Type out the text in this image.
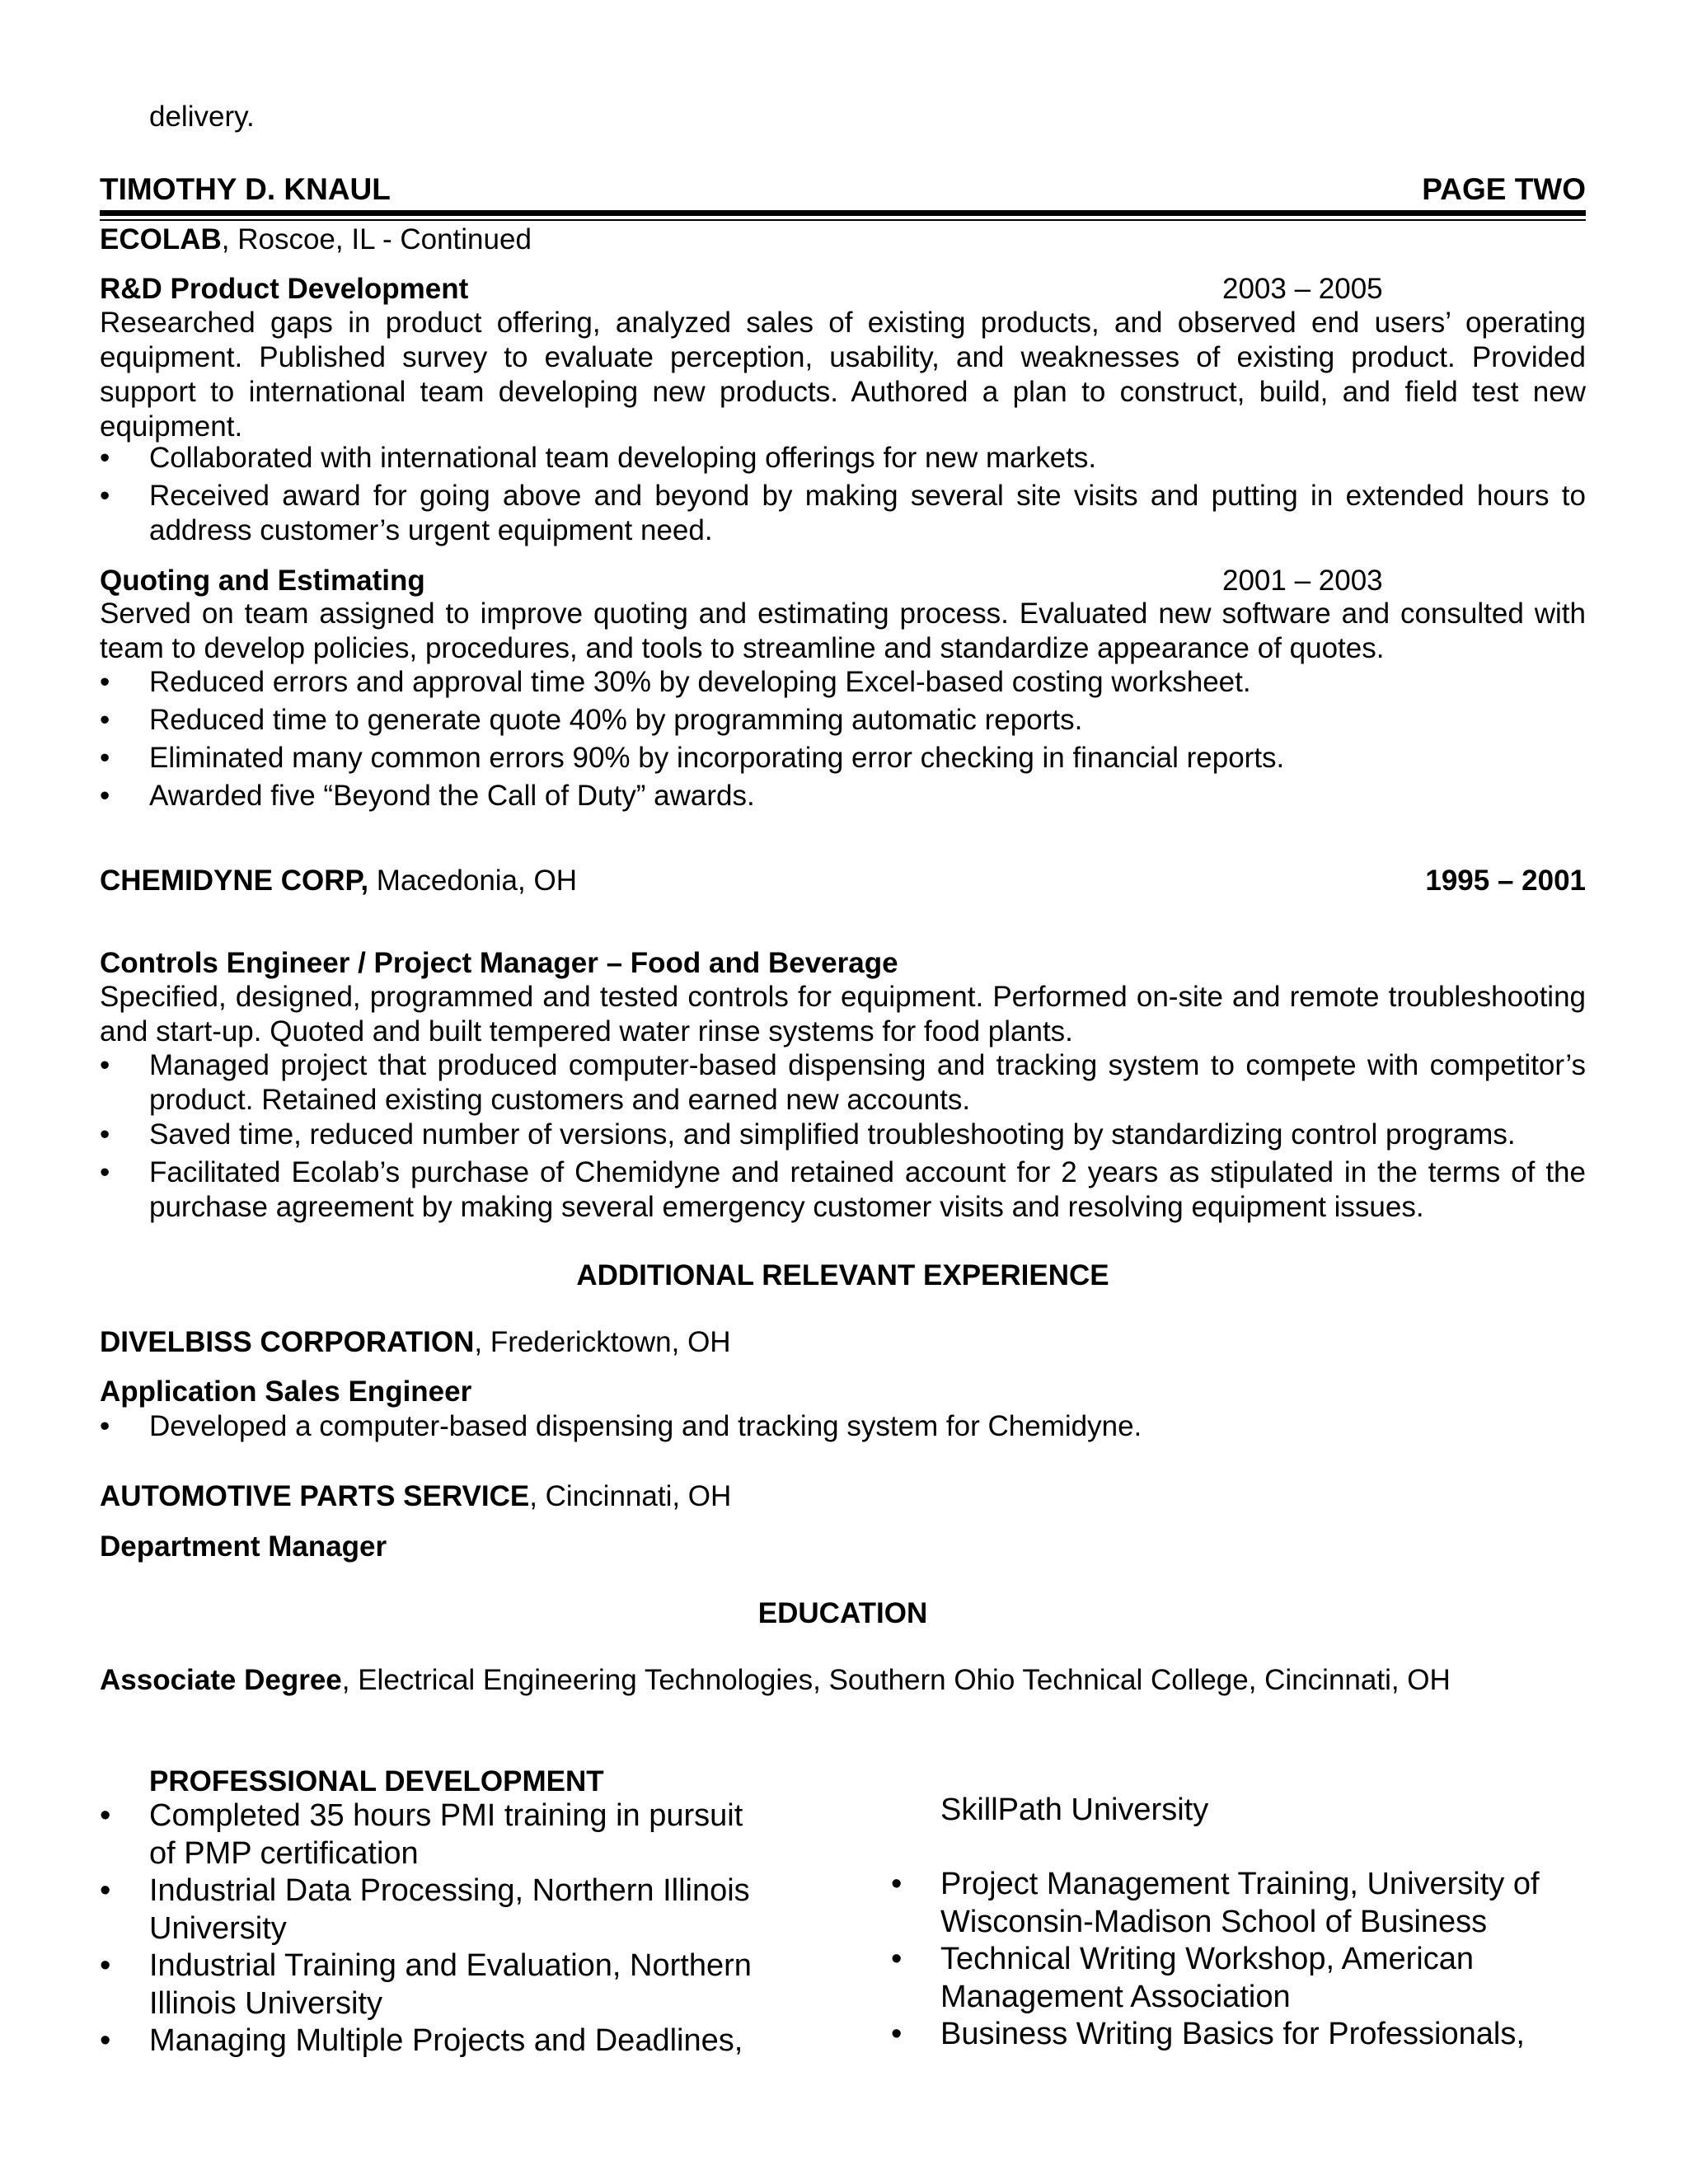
delivery.
TIMOTHY D. KNAUL	PAGE TWO
ECOLAB, Roscoe, IL - Continued
R&D Product Development	2003 – 2005
Researched gaps in product offering, analyzed sales of existing products, and observed end users’ operating equipment. Published survey to evaluate perception, usability, and weaknesses of existing product. Provided support to international team developing new products. Authored a plan to construct, build, and field test new equipment.
•	Collaborated with international team developing offerings for new markets.
•	Received award for going above and beyond by making several site visits and putting in extended hours to address customer’s urgent equipment need.
Quoting and Estimating	2001 – 2003
Served on team assigned to improve quoting and estimating process. Evaluated new software and consulted with team to develop policies, procedures, and tools to streamline and standardize appearance of quotes.
•	Reduced errors and approval time 30% by developing Excel-based costing worksheet.
•	Reduced time to generate quote 40% by programming automatic reports.
•	Eliminated many common errors 90% by incorporating error checking in financial reports.
•	Awarded five “Beyond the Call of Duty” awards.
CHEMIDYNE CORP, Macedonia, OH	1995 – 2001
Controls Engineer / Project Manager – Food and Beverage
Specified, designed, programmed and tested controls for equipment. Performed on-site and remote troubleshooting and start-up. Quoted and built tempered water rinse systems for food plants.
•	Managed project that produced computer-based dispensing and tracking system to compete with competitor’s product. Retained existing customers and earned new accounts.
•	Saved time, reduced number of versions, and simplified troubleshooting by standardizing control programs.
•	Facilitated Ecolab’s purchase of Chemidyne and retained account for 2 years as stipulated in the terms of the purchase agreement by making several emergency customer visits and resolving equipment issues.
ADDITIONAL RELEVANT EXPERIENCE
DIVELBISS CORPORATION, Fredericktown, OH
Application Sales Engineer
•	Developed a computer-based dispensing and tracking system for Chemidyne.
AUTOMOTIVE PARTS SERVICE, Cincinnati, OH
Department Manager
EDUCATION
Associate Degree, Electrical Engineering Technologies, Southern Ohio Technical College, Cincinnati, OH
PROFESSIONAL DEVELOPMENT
• Completed 35 hours PMI training in pursuit of PMP certification
• Industrial Data Processing, Northern Illinois University
• Industrial Training and Evaluation, Northern Illinois University
• Managing Multiple Projects and Deadlines,
SkillPath University
• Project Management Training, University of Wisconsin-Madison School of Business
• Technical Writing Workshop, American Management Association
• Business Writing Basics for Professionals,
